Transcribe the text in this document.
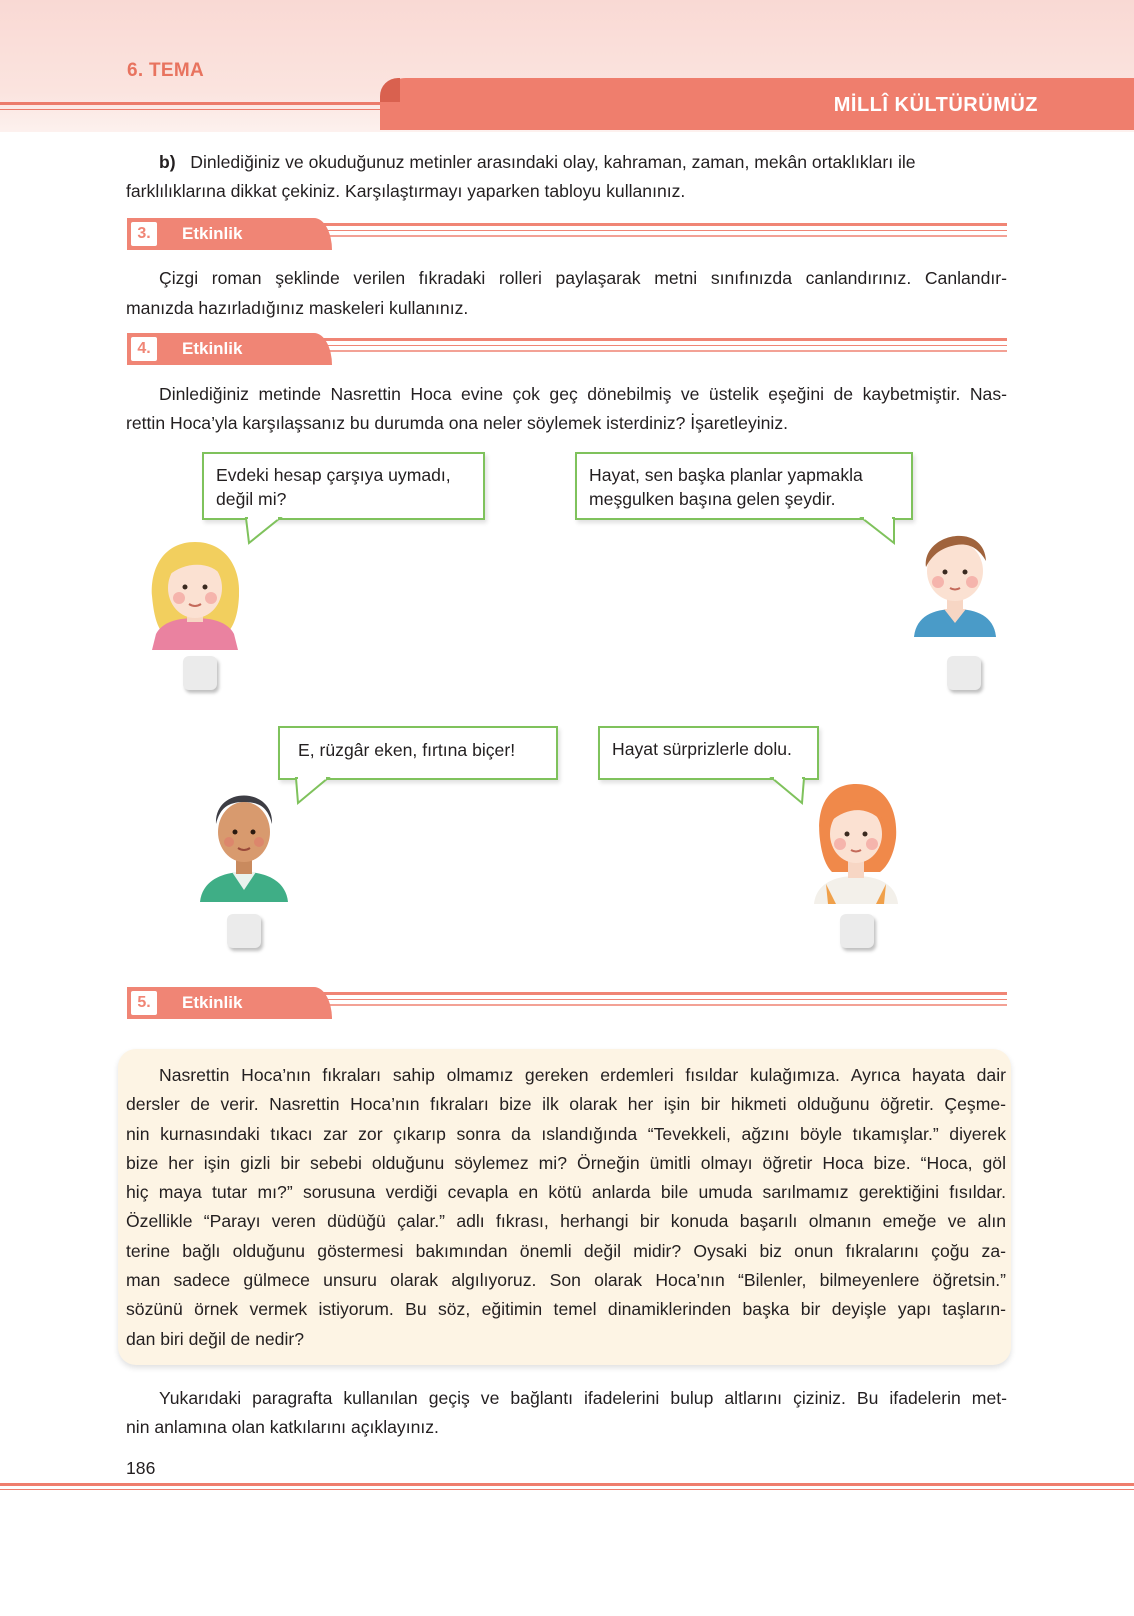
6. TEMA
MİLLÎ KÜLTÜRÜMÜZ
b) Dinlediğiniz ve okuduğunuz metinler arasındaki olay, kahraman, zaman, mekân ortaklıkları ile
farklılıklarına dikkat çekiniz. Karşılaştırmayı yaparken tabloyu kullanınız.
3.	Etkinlik
Çizgi roman şeklinde verilen fıkradaki rolleri paylaşarak metni sınıfınızda canlandırınız. Canlandır-
manızda hazırladığınız maskeleri kullanınız.
4.	Etkinlik
Dinlediğiniz metinde Nasrettin Hoca evine çok geç dönebilmiş ve üstelik eşeğini de kaybetmiştir. Nas-
rettin Hoca’yla karşılaşsanız bu durumda ona neler söylemek isterdiniz? İşaretleyiniz.
Evdeki hesap çarşıya uymadı,
değil mi?
Hayat, sen başka planlar yapmakla
meşgulken başına gelen şeydir.
E, rüzgâr eken, fırtına biçer!	Hayat sürprizlerle dolu.
5.	Etkinlik
Nasrettin Hoca’nın fıkraları sahip olmamız gereken erdemleri fısıldar kulağımıza. Ayrıca hayata dair
dersler de verir. Nasrettin Hoca’nın fıkraları bize ilk olarak her işin bir hikmeti olduğunu öğretir. Çeşme-
nin kurnasındaki tıkacı zar zor çıkarıp sonra da ıslandığında “Tevekkeli, ağzını böyle tıkamışlar.” diyerek
bize her işin gizli bir sebebi olduğunu söylemez mi? Örneğin ümitli olmayı öğretir Hoca bize. “Hoca, göl
hiç maya tutar mı?” sorusuna verdiği cevapla en kötü anlarda bile umuda sarılmamız gerektiğini fısıldar.
Özellikle “Parayı veren düdüğü çalar.” adlı fıkrası, herhangi bir konuda başarılı olmanın emeğe ve alın
terine bağlı olduğunu göstermesi bakımından önemli değil midir? Oysaki biz onun fıkralarını çoğu za-
man sadece gülmece unsuru olarak algılıyoruz. Son olarak Hoca’nın “Bilenler, bilmeyenlere öğretsin.”
sözünü örnek vermek istiyorum. Bu söz, eğitimin temel dinamiklerinden başka bir deyişle yapı taşların-
dan biri değil de nedir?
Yukarıdaki paragrafta kullanılan geçiş ve bağlantı ifadelerini bulup altlarını çiziniz. Bu ifadelerin met-
nin anlamına olan katkılarını açıklayınız.
186
